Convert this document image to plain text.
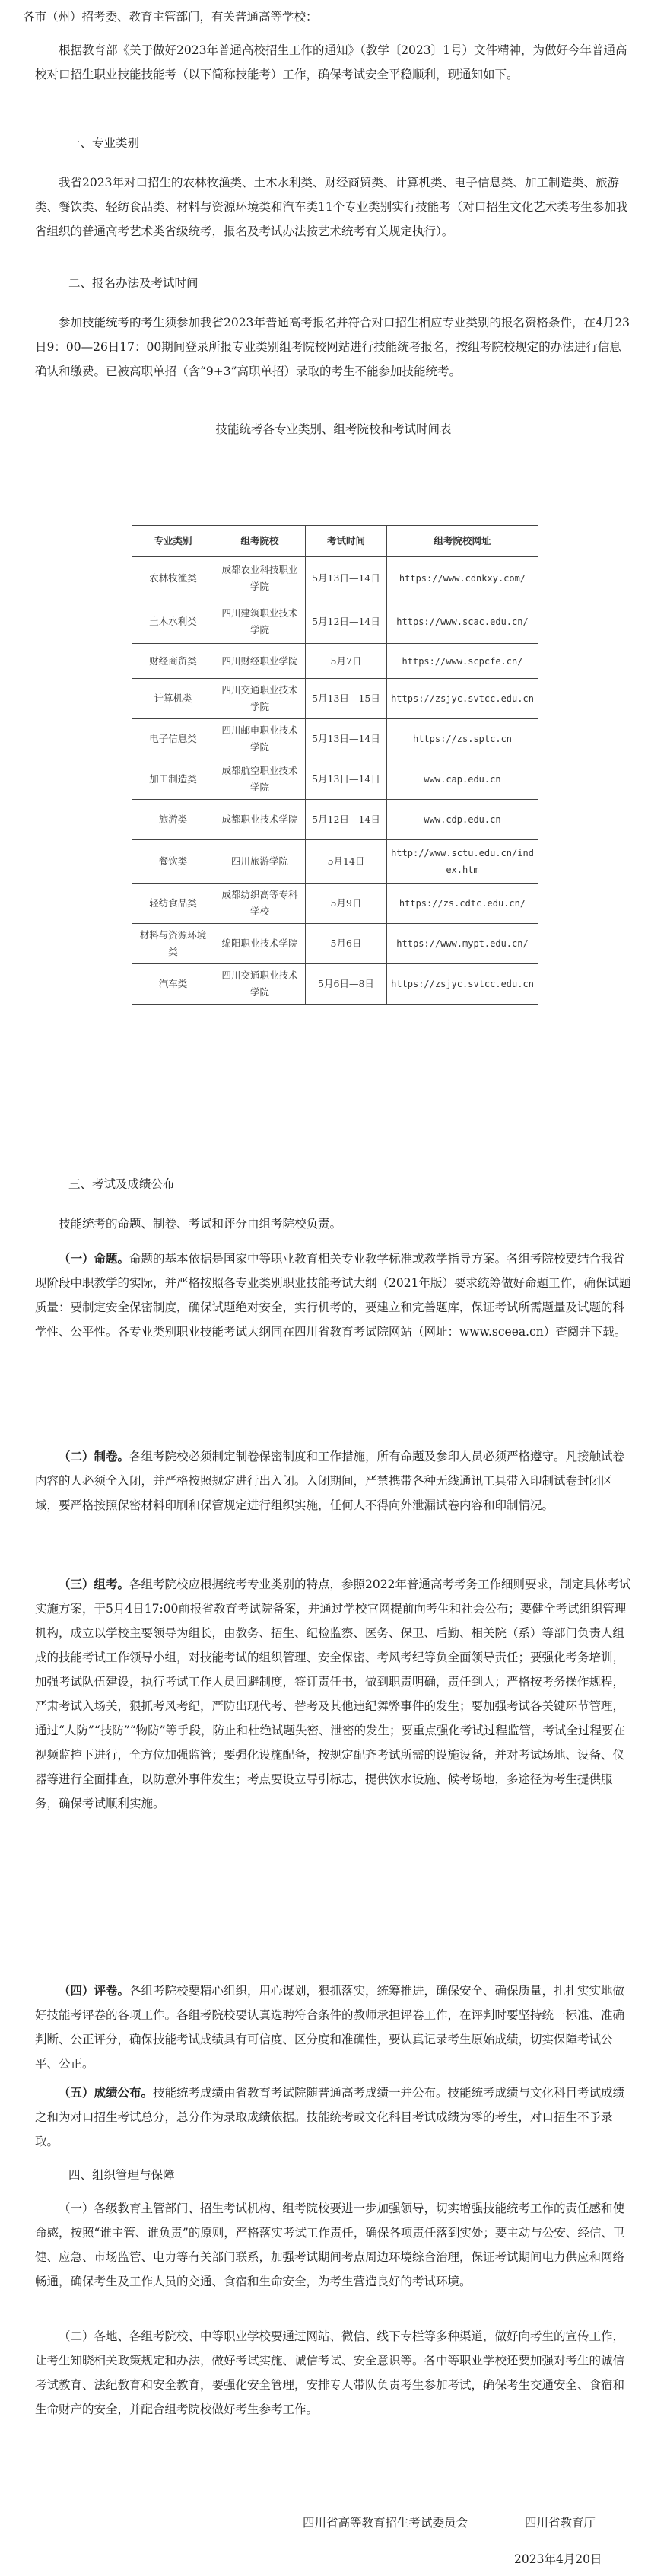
各市（州）招考委、教育主管部门，有关普通高等学校：

根据教育部《关于做好2023年普通高校招生工作的通知》（教学〔2023〕1号）文件精神，为做好今年普通高校对口招生职业技能技能考（以下简称技能考）工作，确保考试安全平稳顺利，现通知如下。

一、专业类别

我省2023年对口招生的农林牧渔类、土木水利类、财经商贸类、计算机类、电子信息类、加工制造类、旅游类、餐饮类、轻纺食品类、材料与资源环境类和汽车类11个专业类别实行技能考（对口招生文化艺术类考生参加我省组织的普通高考艺术类省级统考，报名及考试办法按艺术统考有关规定执行）。

二、报名办法及考试时间

参加技能统考的考生须参加我省2023年普通高考报名并符合对口招生相应专业类别的报名资格条件，在4月23日9：00—26日17：00期间登录所报专业类别组考院校网站进行技能统考报名，按组考院校规定的办法进行信息确认和缴费。已被高职单招（含“9+3”高职单招）录取的考生不能参加技能统考。

技能统考各专业类别、组考院校和考试时间表
专业类别	组考院校	考试时间	组考院校网址
农林牧渔类	成都农业科技职业学院	5月13日—14日	https://www.cdnkxy.com/
土木水利类	四川建筑职业技术学院	5月12日—14日	https://www.scac.edu.cn/
财经商贸类	四川财经职业学院	5月7日	https://www.scpcfe.cn/
计算机类	四川交通职业技术学院	5月13日—15日	https://zsjyc.svtcc.edu.cn
电子信息类	四川邮电职业技术学院	5月13日—14日	https://zs.sptc.cn
加工制造类	成都航空职业技术学院	5月13日—14日	www.cap.edu.cn
旅游类	成都职业技术学院	5月12日—14日	www.cdp.edu.cn
餐饮类	四川旅游学院	5月14日	http://www.sctu.edu.cn/index.htm
轻纺食品类	成都纺织高等专科学校	5月9日	https://zs.cdtc.edu.cn/
材料与资源环境类	绵阳职业技术学院	5月6日	https://www.mypt.edu.cn/
汽车类	四川交通职业技术学院	5月6日—8日	https://zsjyc.svtcc.edu.cn

三、考试及成绩公布

技能统考的命题、制卷、考试和评分由组考院校负责。

（一）命题。命题的基本依据是国家中等职业教育相关专业教学标准或教学指导方案。各组考院校要结合我省现阶段中职教学的实际，并严格按照各专业类别职业技能考试大纲（2021年版）要求统筹做好命题工作，确保试题质量：要制定安全保密制度，确保试题绝对安全，实行机考的，要建立和完善题库，保证考试所需题量及试题的科学性、公平性。各专业类别职业技能考试大纲同在四川省教育考试院网站（网址：www.sceea.cn）查阅并下载。

（二）制卷。各组考院校必须制定制卷保密制度和工作措施，所有命题及参印人员必须严格遵守。凡接触试卷内容的人必须全入闭，并严格按照规定进行出入闭。入闭期间，严禁携带各种无线通讯工具带入印制试卷封闭区域，要严格按照保密材料印刷和保管规定进行组织实施，任何人不得向外泄漏试卷内容和印制情况。

（三）组考。各组考院校应根据统考专业类别的特点，参照2022年普通高考考务工作细则要求，制定具体考试实施方案，于5月4日17:00前报省教育考试院备案，并通过学校官网提前向考生和社会公布；要健全考试组织管理机构，成立以学校主要领导为组长，由教务、招生、纪检监察、医务、保卫、后勤、相关院（系）等部门负责人组成的技能考试工作领导小组，对技能考试的组织管理、安全保密、考风考纪等负全面领导责任；要强化考务培训，加强考试队伍建设，执行考试工作人员回避制度，签订责任书，做到职责明确，责任到人；严格按考务操作规程，严肃考试入场关，狠抓考风考纪，严防出现代考、替考及其他违纪舞弊事件的发生；要加强考试各关键环节管理，通过“人防”“技防”“物防”等手段，防止和杜绝试题失密、泄密的发生；要重点强化考试过程监管，考试全过程要在视频监控下进行，全方位加强监管；要强化设施配备，按规定配齐考试所需的设施设备，并对考试场地、设备、仪器等进行全面排查，以防意外事件发生；考点要设立导引标志，提供饮水设施、候考场地，多途径为考生提供服务，确保考试顺利实施。

（四）评卷。各组考院校要精心组织，用心谋划，狠抓落实，统筹推进，确保安全、确保质量，扎扎实实地做好技能考评卷的各项工作。各组考院校要认真选聘符合条件的教师承担评卷工作，在评判时要坚持统一标准、准确判断、公正评分，确保技能考试成绩具有可信度、区分度和准确性，要认真记录考生原始成绩，切实保障考试公平、公正。

（五）成绩公布。技能统考成绩由省教育考试院随普通高考成绩一并公布。技能统考成绩与文化科目考试成绩之和为对口招生考试总分，总分作为录取成绩依据。技能统考或文化科目考试成绩为零的考生，对口招生不予录取。

四、组织管理与保障

（一）各级教育主管部门、招生考试机构、组考院校要进一步加强领导，切实增强技能统考工作的责任感和使命感，按照“谁主管、谁负责”的原则，严格落实考试工作责任，确保各项责任落到实处；要主动与公安、经信、卫健、应急、市场监管、电力等有关部门联系，加强考试期间考点周边环境综合治理，保证考试期间电力供应和网络畅通，确保考生及工作人员的交通、食宿和生命安全，为考生营造良好的考试环境。

（二）各地、各组考院校、中等职业学校要通过网站、微信、线下专栏等多种渠道，做好向考生的宣传工作，让考生知晓相关政策规定和办法，做好考试实施、诚信考试、安全意识等。各中等职业学校还要加强对考生的诚信考试教育、法纪教育和安全教育，要强化安全管理，安排专人带队负责考生参加考试，确保考生交通安全、食宿和生命财产的安全，并配合组考院校做好考生参考工作。

四川省高等教育招生考试委员会	四川省教育厅
2023年4月20日
